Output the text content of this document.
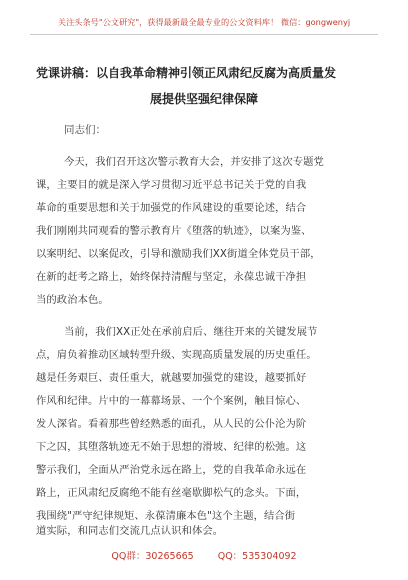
关注头条号"公文研究"，获得最新最全最专业的公文资料库！ 微信：gongwenyj
党课讲稿：以自我革命精神引领正风肃纪反腐为高质量发
展提供坚强纪律保障
同志们：
今天，我们召开这次警示教育大会，并安排了这次专题党
课，主要目的就是深入学习贯彻习近平总书记关于党的自我
革命的重要思想和关于加强党的作风建设的重要论述，结合
我们刚刚共同观看的警示教育片《堕落的轨迹》，以案为鉴、
以案明纪、以案促改，引导和激励我们XX街道全体党员干部，
在新的赶考之路上，始终保持清醒与坚定，永葆忠诚干净担
当的政治本色。
当前，我们XX正处在承前启后、继往开来的关键发展节
点，肩负着推动区域转型升级、实现高质量发展的历史重任。
越是任务艰巨、责任重大，就越要加强党的建设，越要抓好
作风和纪律。片中的一幕幕场景、一个个案例，触目惊心、
发人深省。看着那些曾经熟悉的面孔，从人民的公仆沦为阶
下之囚，其堕落轨迹无不始于思想的滑坡、纪律的松弛。这
警示我们，全面从严治党永远在路上，党的自我革命永远在
路上，正风肃纪反腐绝不能有丝毫歇脚松气的念头。下面，
我围绕"严守纪律规矩、永葆清廉本色"这个主题，结合街
QQ群：30265665	QQ：535304092
道实际，和同志们交流几点认识和体会。
